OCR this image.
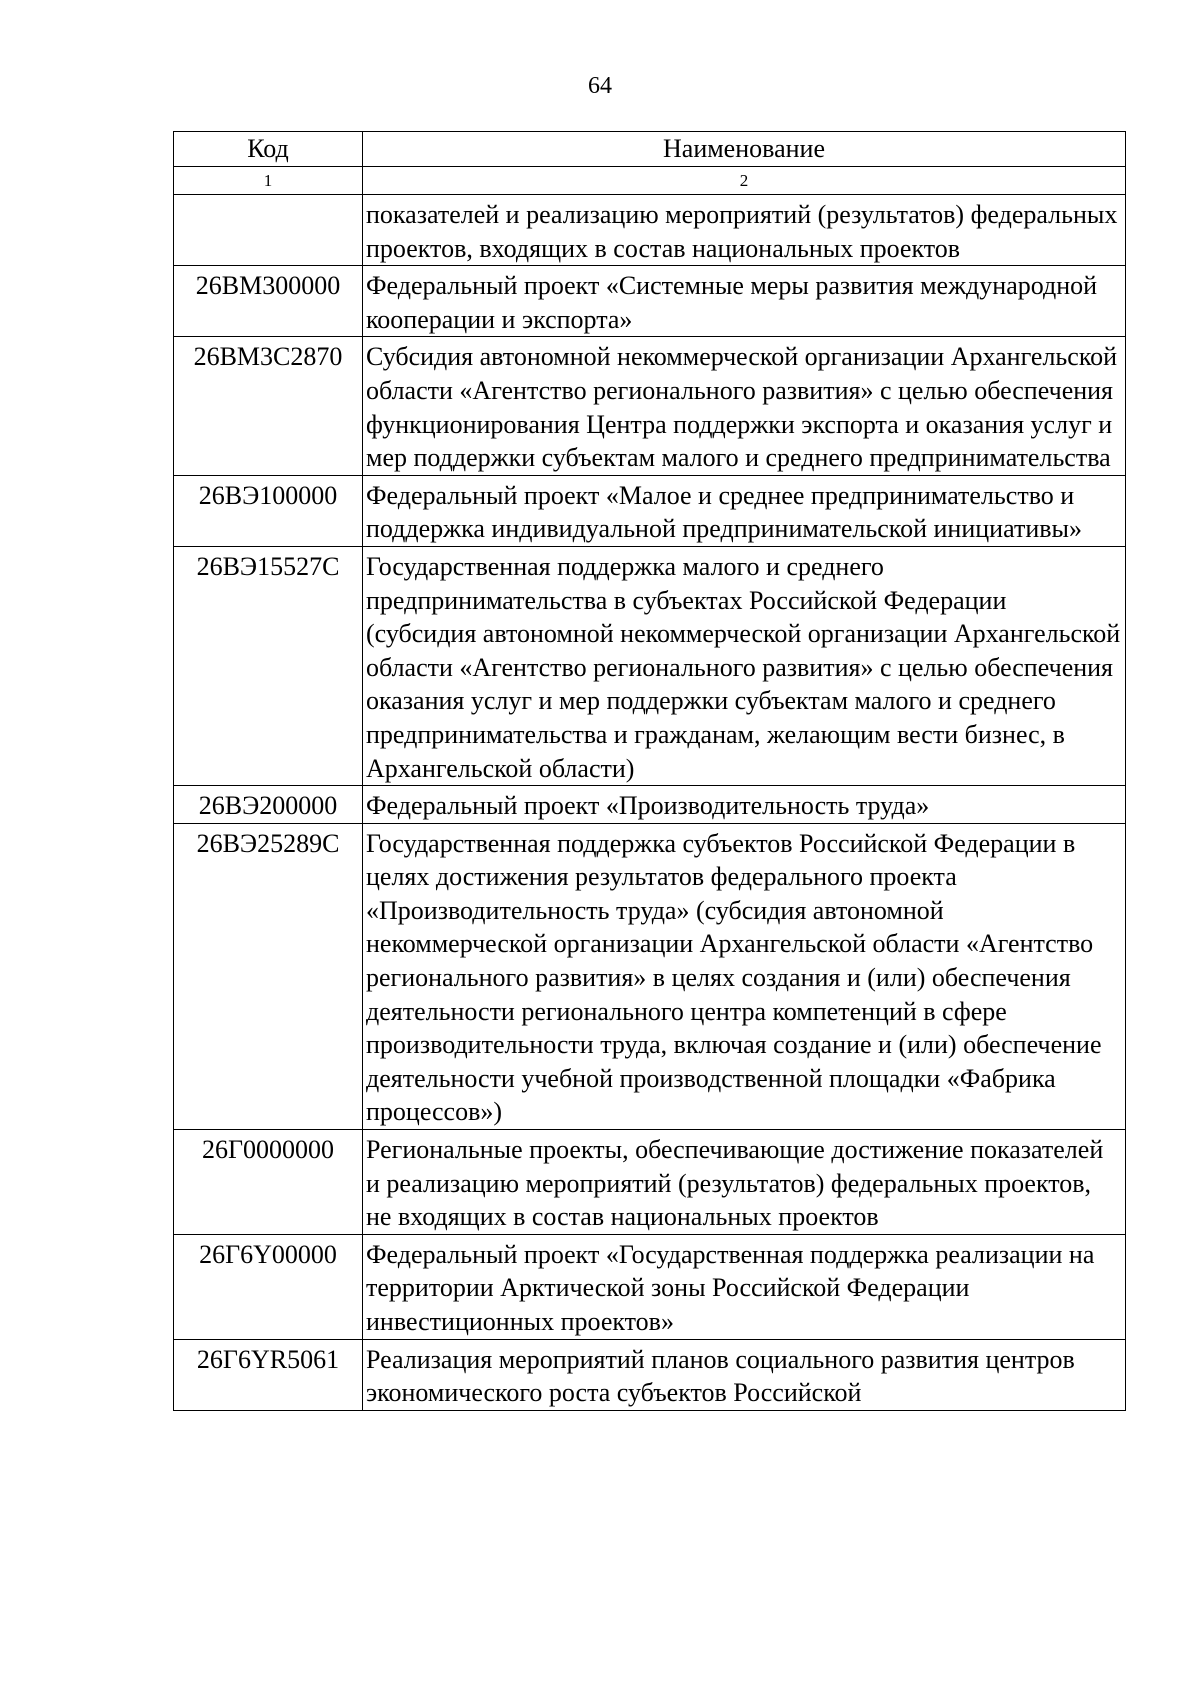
64
Код	Наименование
1	2
	показателей и реализацию мероприятий (результатов) федеральных проектов, входящих в состав национальных проектов
26ВМ300000	Федеральный проект «Системные меры развития международной кооперации и экспорта»
26ВМ3С2870	Субсидия автономной некоммерческой организации Архангельской области «Агентство регионального развития» с целью обеспечения функционирования Центра поддержки экспорта и оказания услуг и мер поддержки субъектам малого и среднего предпринимательства
26ВЭ100000	Федеральный проект «Малое и среднее предпринимательство и поддержка индивидуальной предпринимательской инициативы»
26ВЭ15527С	Государственная поддержка малого и среднего предпринимательства в субъектах Российской Федерации (субсидия автономной некоммерческой организации Архангельской области «Агентство регионального развития» с целью обеспечения оказания услуг и мер поддержки субъектам малого и среднего предпринимательства и гражданам, желающим вести бизнес, в Архангельской области)
26ВЭ200000	Федеральный проект «Производительность труда»
26ВЭ25289С	Государственная поддержка субъектов Российской Федерации в целях достижения результатов федерального проекта «Производительность труда» (субсидия автономной некоммерческой организации Архангельской области «Агентство регионального развития» в целях создания и (или) обеспечения деятельности регионального центра компетенций в сфере производительности труда, включая создание и (или) обеспечение деятельности учебной производственной площадки «Фабрика процессов»)
26Г0000000	Региональные проекты, обеспечивающие достижение показателей и реализацию мероприятий (результатов) федеральных проектов, не входящих в состав национальных проектов
26Г6Y00000	Федеральный проект «Государственная поддержка реализации на территории Арктической зоны Российской Федерации инвестиционных проектов»
26Г6YR5061	Реализация мероприятий планов социального развития центров экономического роста субъектов Российской
